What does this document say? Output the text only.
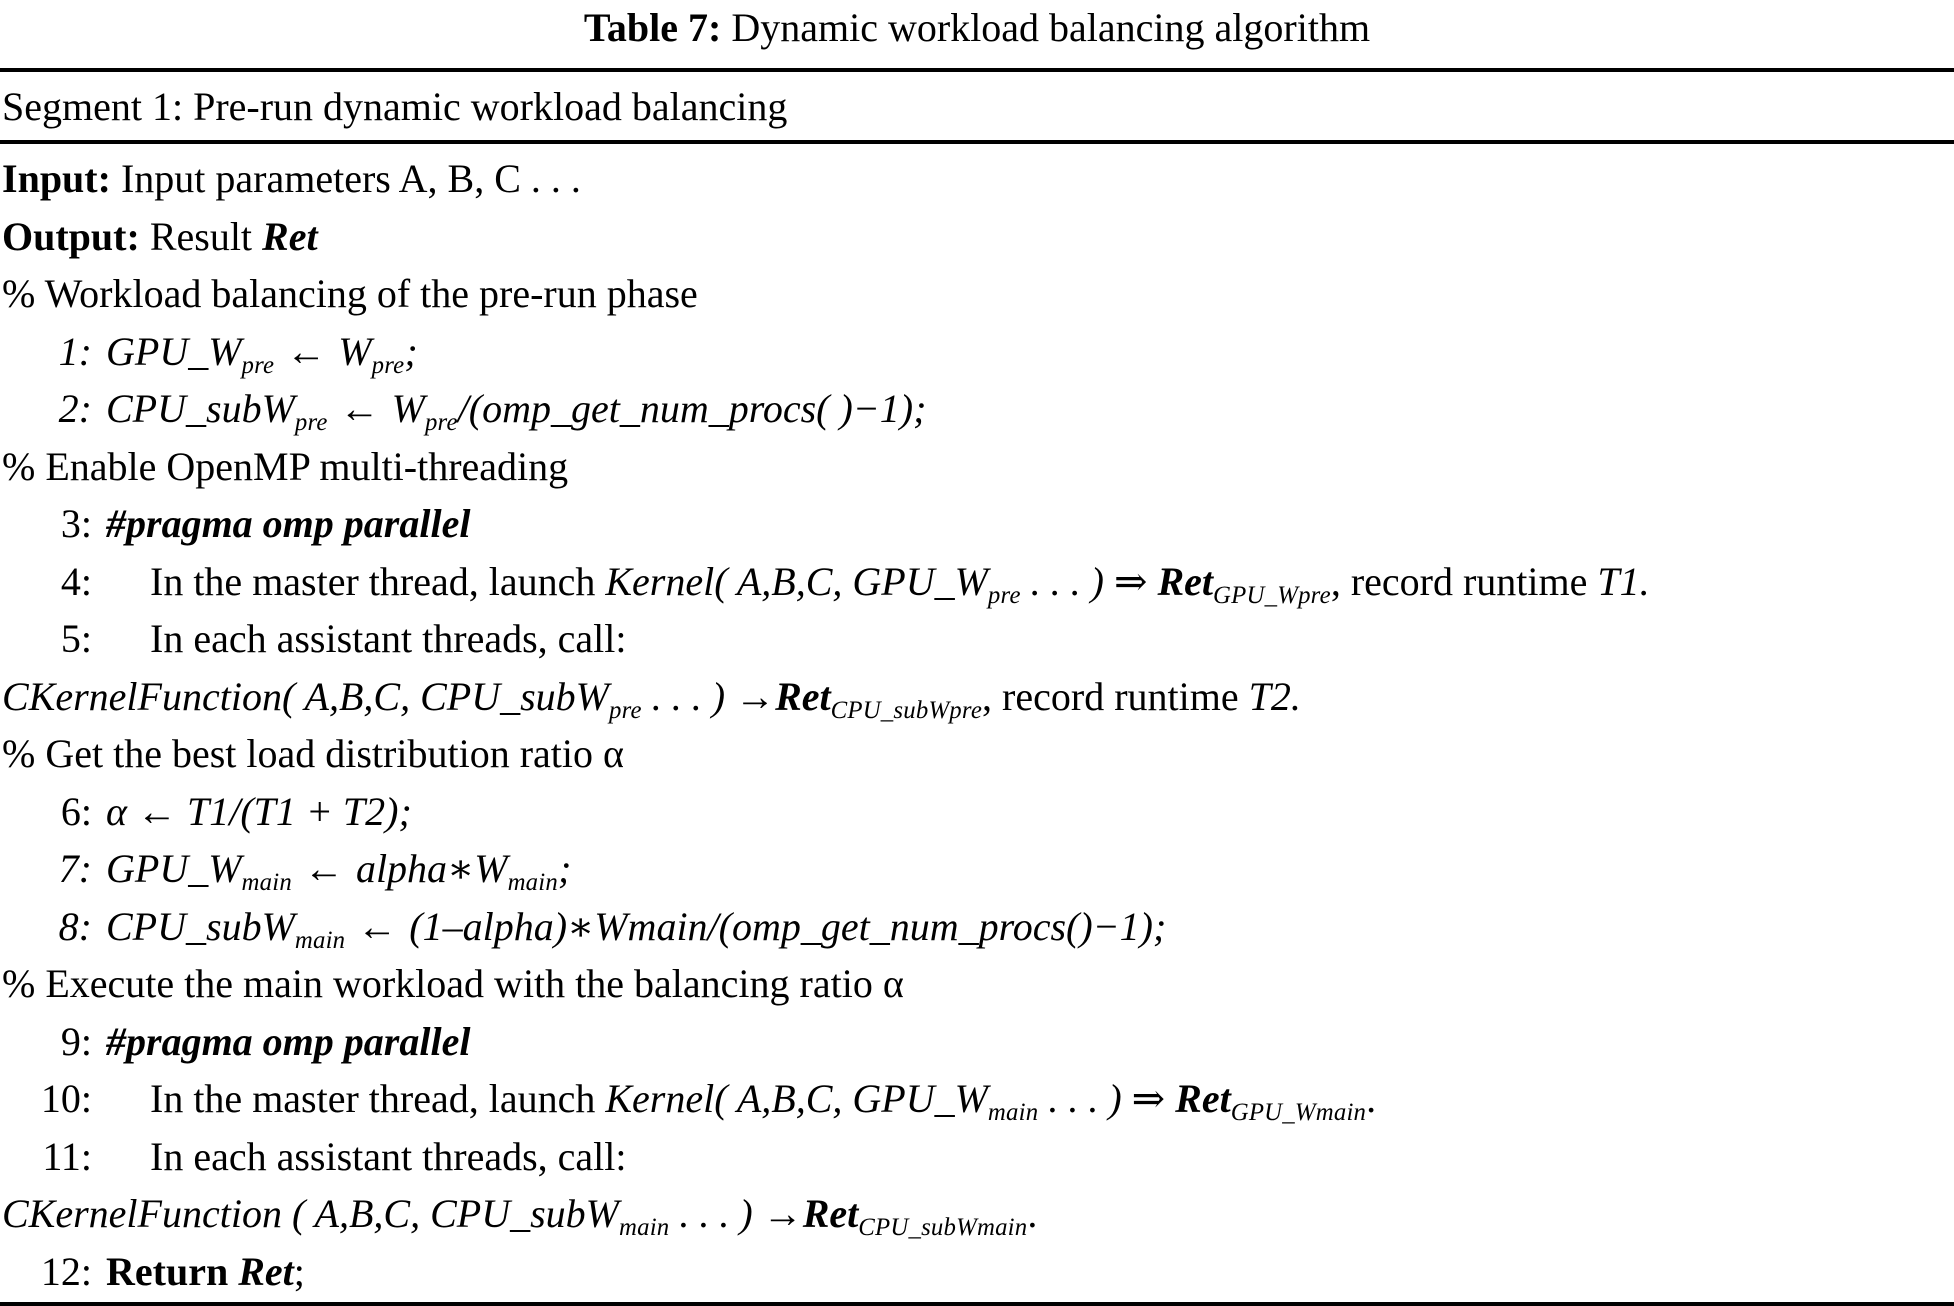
Table 7: Dynamic workload balancing algorithm
Segment 1: Pre-run dynamic workload balancing
Input: Input parameters A, B, C . . .
Output: Result Ret
% Workload balancing of the pre-run phase
1: $GPU\_W_{pre}$ ← $W_{pre}$;
2: CPU_subW$_{pre}$ ← $W_{pre}/(omp\_get\_num\_procs$( )−1);
% Enable OpenMP multi-threading
3: #pragma omp parallel
4:	In the master thread, launch Kernel( A,B,C, $GPU\_W_{pre}$ . . . ) ⇒ Ret$_{GPU\_Wpre}$, record runtime T1.
5:	In each assistant threads, call:
CKernelFunction( A,B,C, CPU_subW$_{pre}$ . . . ) →Ret$_{CPU\_subWpre}$, record runtime T2.
% Get the best load distribution ratio α
6: α ← T1/(T1 + T2);
7: $GPU\_W_{main}$ ← $alpha∗W_{main}$;
8: CPU_subW$_{main}$ ← (1–alpha)∗Wmain/(omp_get_num_procs()−1);
% Execute the main workload with the balancing ratio α
9: #pragma omp parallel
10:	In the master thread, launch Kernel( A,B,C, $GPU\_W_{main}$ . . . ) ⇒ Ret$_{GPU\_Wmain}$.
11:	In each assistant threads, call:
CKernelFunction ( A,B,C, CPU_subW$_{main}$ . . . ) →Ret$_{CPU\_subWmain}$.
12: Return Ret;
